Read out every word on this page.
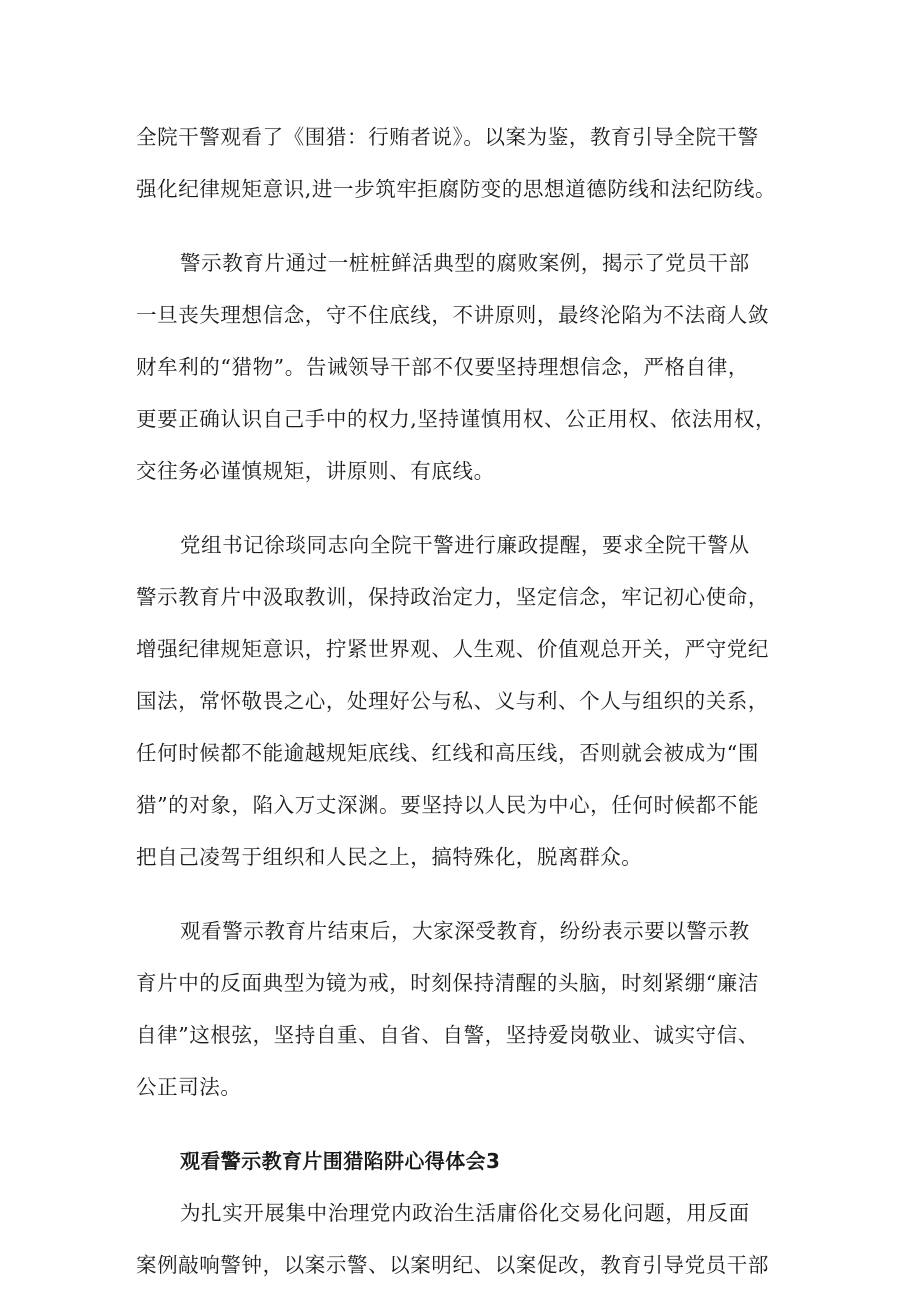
全院干警观看了《围猎：行贿者说》。以案为鉴，教育引导全院干警
强化纪律规矩意识,进一步筑牢拒腐防变的思想道德防线和法纪防线。
警示教育片通过一桩桩鲜活典型的腐败案例，揭示了党员干部
一旦丧失理想信念，守不住底线，不讲原则，最终沦陷为不法商人敛
财牟利的“猎物”。告诫领导干部不仅要坚持理想信念，严格自律，
更要正确认识自己手中的权力,坚持谨慎用权、公正用权、依法用权，
交往务必谨慎规矩，讲原则、有底线。
党组书记徐琰同志向全院干警进行廉政提醒，要求全院干警从
警示教育片中汲取教训，保持政治定力，坚定信念，牢记初心使命，
增强纪律规矩意识，拧紧世界观、人生观、价值观总开关，严守党纪
国法，常怀敬畏之心，处理好公与私、义与利、个人与组织的关系，
任何时候都不能逾越规矩底线、红线和高压线，否则就会被成为“围
猎”的对象，陷入万丈深渊。要坚持以人民为中心，任何时候都不能
把自己凌驾于组织和人民之上，搞特殊化，脱离群众。
观看警示教育片结束后，大家深受教育，纷纷表示要以警示教
育片中的反面典型为镜为戒，时刻保持清醒的头脑，时刻紧绷“廉洁
自律”这根弦，坚持自重、自省、自警，坚持爱岗敬业、诚实守信、
公正司法。
观看警示教育片围猎陷阱心得体会3
为扎实开展集中治理党内政治生活庸俗化交易化问题，用反面
案例敲响警钟，以案示警、以案明纪、以案促改，教育引导党员干部
